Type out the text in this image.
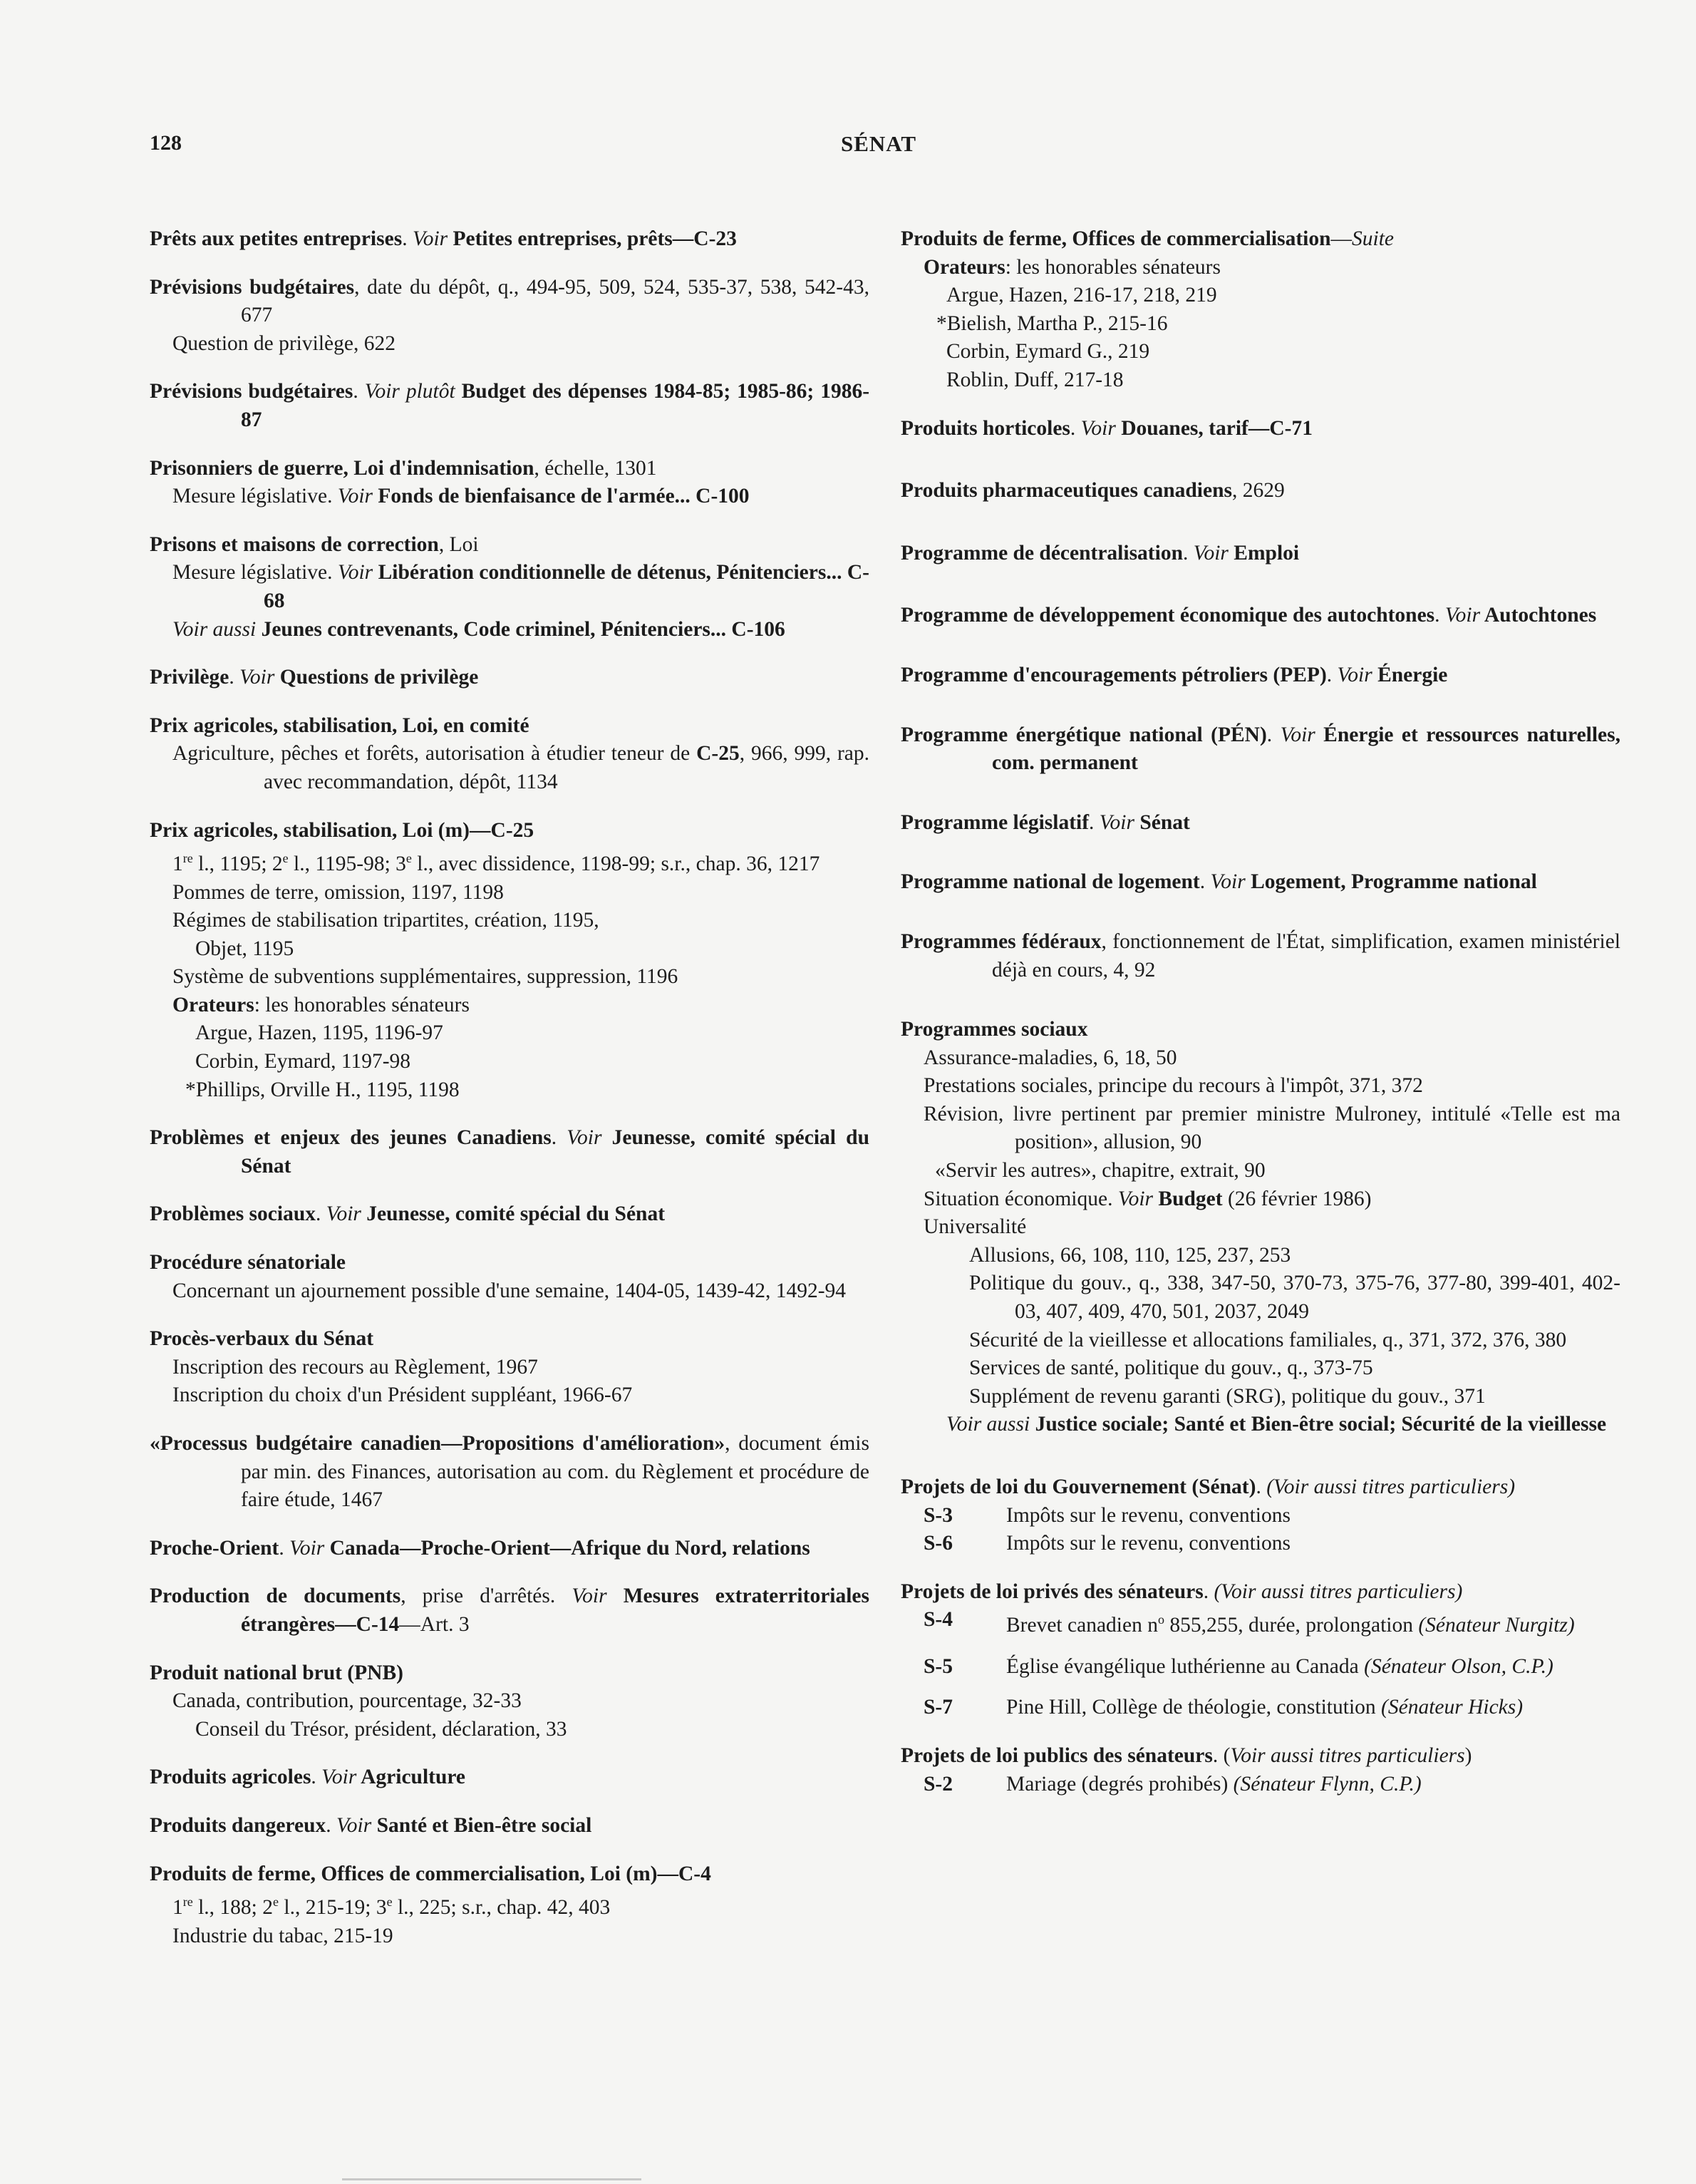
128	SÉNAT

Prêts aux petites entreprises. Voir Petites entreprises, prêts—C-23

Prévisions budgétaires, date du dépôt, q., 494-95, 509, 524, 535-37, 538, 542-43, 677

Question de privilège, 622

Prévisions budgétaires. Voir plutôt Budget des dépenses 1984-85; 1985-86; 1986-87

Prisonniers de guerre, Loi d'indemnisation, échelle, 1301

Mesure législative. Voir Fonds de bienfaisance de l'armée... C-100

Prisons et maisons de correction, Loi

Mesure législative. Voir Libération conditionnelle de détenus, Pénitenciers... C-68

Voir aussi Jeunes contrevenants, Code criminel, Pénitenciers... C-106

Privilège. Voir Questions de privilège

Prix agricoles, stabilisation, Loi, en comité

Agriculture, pêches et forêts, autorisation à étudier teneur de C-25, 966, 999, rap. avec recommandation, dépôt, 1134

Prix agricoles, stabilisation, Loi (m)—C-25

1re l., 1195; 2e l., 1195-98; 3e l., avec dissidence, 1198-99; s.r., chap. 36, 1217

Pommes de terre, omission, 1197, 1198

Régimes de stabilisation tripartites, création, 1195,

Objet, 1195

Système de subventions supplémentaires, suppression, 1196

Orateurs: les honorables sénateurs

Argue, Hazen, 1195, 1196-97

Corbin, Eymard, 1197-98

*Phillips, Orville H., 1195, 1198

Problèmes et enjeux des jeunes Canadiens. Voir Jeunesse, comité spécial du Sénat

Problèmes sociaux. Voir Jeunesse, comité spécial du Sénat

Procédure sénatoriale

Concernant un ajournement possible d'une semaine, 1404-05, 1439-42, 1492-94

Procès-verbaux du Sénat

Inscription des recours au Règlement, 1967

Inscription du choix d'un Président suppléant, 1966-67

«Processus budgétaire canadien—Propositions d'amélioration», document émis par min. des Finances, autorisation au com. du Règlement et procédure de faire étude, 1467

Proche-Orient. Voir Canada—Proche-Orient—Afrique du Nord, relations

Production de documents, prise d'arrêtés. Voir Mesures extraterritoriales étrangères—C-14—Art. 3

Produit national brut (PNB)

Canada, contribution, pourcentage, 32-33

Conseil du Trésor, président, déclaration, 33

Produits agricoles. Voir Agriculture

Produits dangereux. Voir Santé et Bien-être social

Produits de ferme, Offices de commercialisation, Loi (m)—C-4

1re l., 188; 2e l., 215-19; 3e l., 225; s.r., chap. 42, 403

Industrie du tabac, 215-19

Produits de ferme, Offices de commercialisation—Suite

Orateurs: les honorables sénateurs

Argue, Hazen, 216-17, 218, 219

*Bielish, Martha P., 215-16

Corbin, Eymard G., 219

Roblin, Duff, 217-18

Produits horticoles. Voir Douanes, tarif—C-71

Produits pharmaceutiques canadiens, 2629

Programme de décentralisation. Voir Emploi

Programme de développement économique des autochtones. Voir Autochtones

Programme d'encouragements pétroliers (PEP). Voir Énergie

Programme énergétique national (PÉN). Voir Énergie et ressources naturelles, com. permanent

Programme législatif. Voir Sénat

Programme national de logement. Voir Logement, Programme national

Programmes fédéraux, fonctionnement de l'État, simplification, examen ministériel déjà en cours, 4, 92

Programmes sociaux

Assurance-maladies, 6, 18, 50

Prestations sociales, principe du recours à l'impôt, 371, 372

Révision, livre pertinent par premier ministre Mulroney, intitulé «Telle est ma position», allusion, 90

«Servir les autres», chapitre, extrait, 90

Situation économique. Voir Budget (26 février 1986)

Universalité

Allusions, 66, 108, 110, 125, 237, 253

Politique du gouv., q., 338, 347-50, 370-73, 375-76, 377-80, 399-401, 402-03, 407, 409, 470, 501, 2037, 2049

Sécurité de la vieillesse et allocations familiales, q., 371, 372, 376, 380

Services de santé, politique du gouv., q., 373-75

Supplément de revenu garanti (SRG), politique du gouv., 371

Voir aussi Justice sociale; Santé et Bien-être social; Sécurité de la vieillesse

Projets de loi du Gouvernement (Sénat). (Voir aussi titres particuliers)

S-3	Impôts sur le revenu, conventions
S-6	Impôts sur le revenu, conventions

Projets de loi privés des sénateurs. (Voir aussi titres particuliers)

S-4	Brevet canadien $n^o$ 855,255, durée, prolongation (Sénateur Nurgitz)
S-5	Église évangélique luthérienne au Canada (Sénateur Olson, C.P.)
S-7	Pine Hill, Collège de théologie, constitution (Sénateur Hicks)

Projets de loi publics des sénateurs. (Voir aussi titres particuliers)

S-2	Mariage (degrés prohibés) (Sénateur Flynn, C.P.)
